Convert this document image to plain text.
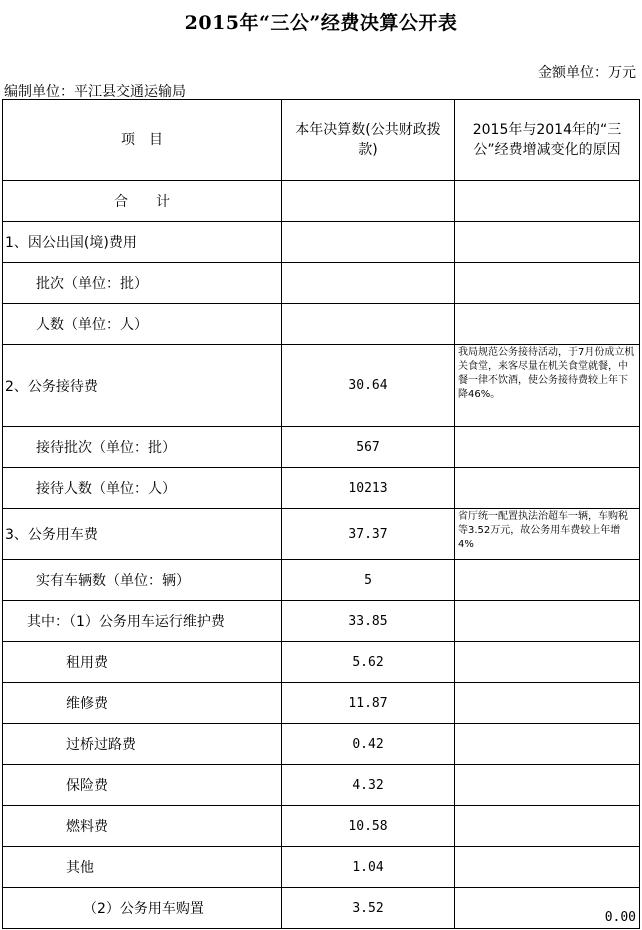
2015年“三公”经费决算公开表
金额单位：万元
编制单位：平江县交通运输局
项　目	本年决算数(公共财政拨款)	2015年与2014年的“三公”经费增减变化的原因
合　　计		
1、因公出国(境)费用		
批次（单位：批）		
人数（单位：人）		
2、公务接待费	30.64	我局规范公务接待活动，于7月份成立机关食堂，来客尽量在机关食堂就餐，中餐一律不饮酒，使公务接待费较上年下降46%。
接待批次（单位：批）	567	
接待人数（单位：人）	10213	
3、公务用车费	37.37	省厅统一配置执法治超车一辆，车购税等3.52万元，故公务用车费较上年增4%
实有车辆数（单位：辆）	5	
其中：（1）公务用车运行维护费	33.85	
租用费	5.62	
维修费	11.87	
过桥过路费	0.42	
保险费	4.32	
燃料费	10.58	
其他	1.04	
（2）公务用车购置	3.52	0.00
